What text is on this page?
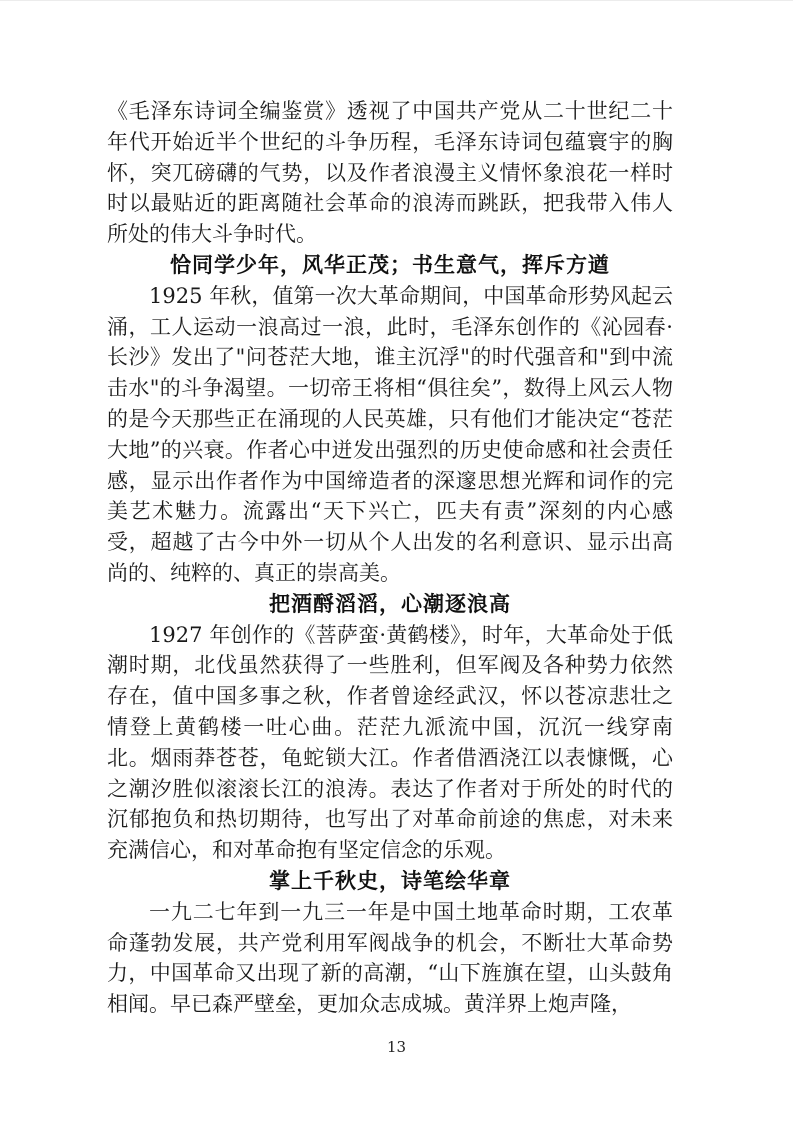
《毛泽东诗词全编鉴赏》透视了中国共产党从二十世纪二十年代开始近半个世纪的斗争历程，毛泽东诗词包蕴寰宇的胸怀，突兀磅礴的气势，以及作者浪漫主义情怀象浪花一样时时以最贴近的距离随社会革命的浪涛而跳跃，把我带入伟人所处的伟大斗争时代。

恰同学少年，风华正茂；书生意气，挥斥方遒

1925 年秋，值第一次大革命期间，中国革命形势风起云涌，工人运动一浪高过一浪，此时，毛泽东创作的《沁园春·长沙》发出了"问苍茫大地，谁主沉浮"的时代强音和"到中流击水"的斗争渴望。一切帝王将相“俱往矣”，数得上风云人物的是今天那些正在涌现的人民英雄，只有他们才能决定“苍茫大地”的兴衰。作者心中迸发出强烈的历史使命感和社会责任感，显示出作者作为中国缔造者的深邃思想光辉和词作的完美艺术魅力。流露出“天下兴亡，匹夫有责”深刻的内心感受，超越了古今中外一切从个人出发的名利意识、显示出高尚的、纯粹的、真正的崇高美。

把酒酹滔滔，心潮逐浪高

1927 年创作的《菩萨蛮·黄鹤楼》，时年，大革命处于低潮时期，北伐虽然获得了一些胜利，但军阀及各种势力依然存在，值中国多事之秋，作者曾途经武汉，怀以苍凉悲壮之情登上黄鹤楼一吐心曲。茫茫九派流中国，沉沉一线穿南北。烟雨莽苍苍，龟蛇锁大江。作者借酒浇江以表慷慨，心之潮汐胜似滚滚长江的浪涛。表达了作者对于所处的时代的沉郁抱负和热切期待，也写出了对革命前途的焦虑，对未来充满信心，和对革命抱有坚定信念的乐观。

掌上千秋史，诗笔绘华章

一九二七年到一九三一年是中国土地革命时期，工农革命蓬勃发展，共产党利用军阀战争的机会，不断壮大革命势力，中国革命又出现了新的高潮，“山下旌旗在望，山头鼓角相闻。早已森严壁垒，更加众志成城。黄洋界上炮声隆，

13
